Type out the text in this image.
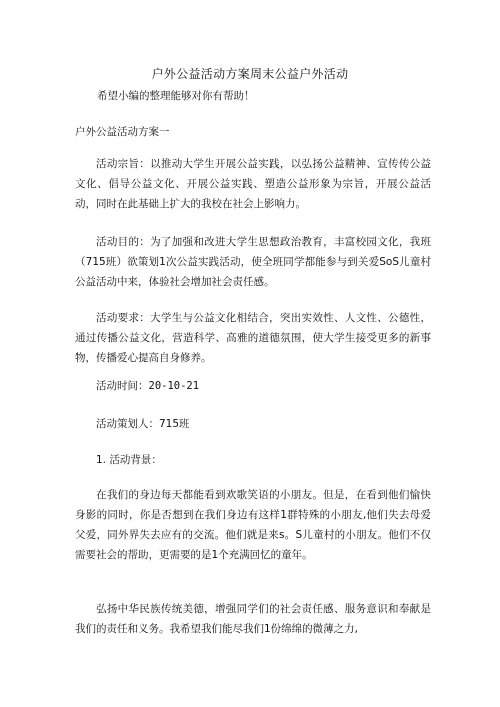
户外公益活动方案周末公益户外活动
希望小编的整理能够对你有帮助！
户外公益活动方案一

活动宗旨：以推动大学生开展公益实践，以弘扬公益精神、宣传传公益文化、倡导公益文化、开展公益实践、塑造公益形象为宗旨，开展公益活动，同时在此基础上扩大的我校在社会上影响力。

活动目的：为了加强和改进大学生思想政治教育，丰富校园文化，我班（715班）欲策划1次公益实践活动，使全班同学都能参与到关爱SoS儿童村公益活动中来，体验社会增加社会责任感。

活动要求：大学生与公益文化相结合，突出实效性、人文性、公德性，通过传播公益文化，营造科学、高雅的道德氛围，使大学生接受更多的新事物，传播爱心提高自身修养。

活动时间：20-10-21
活动策划人：715班
1. 活动背景：

在我们的身边每天都能看到欢歌笑语的小朋友。但是，在看到他们愉快身影的同时，你是否想到在我们身边有这样1群特殊的小朋友,他们失去母爱父爱，同外界失去应有的交流。他们就是来s。S儿童村的小朋友。他们不仅需要社会的帮助，更需要的是1个充满回忆的童年。

弘扬中华民族传统美德，增强同学们的社会责任感、服务意识和奉献是我们的责任和义务。我希望我们能尽我们1份绵绵的微薄之力,
